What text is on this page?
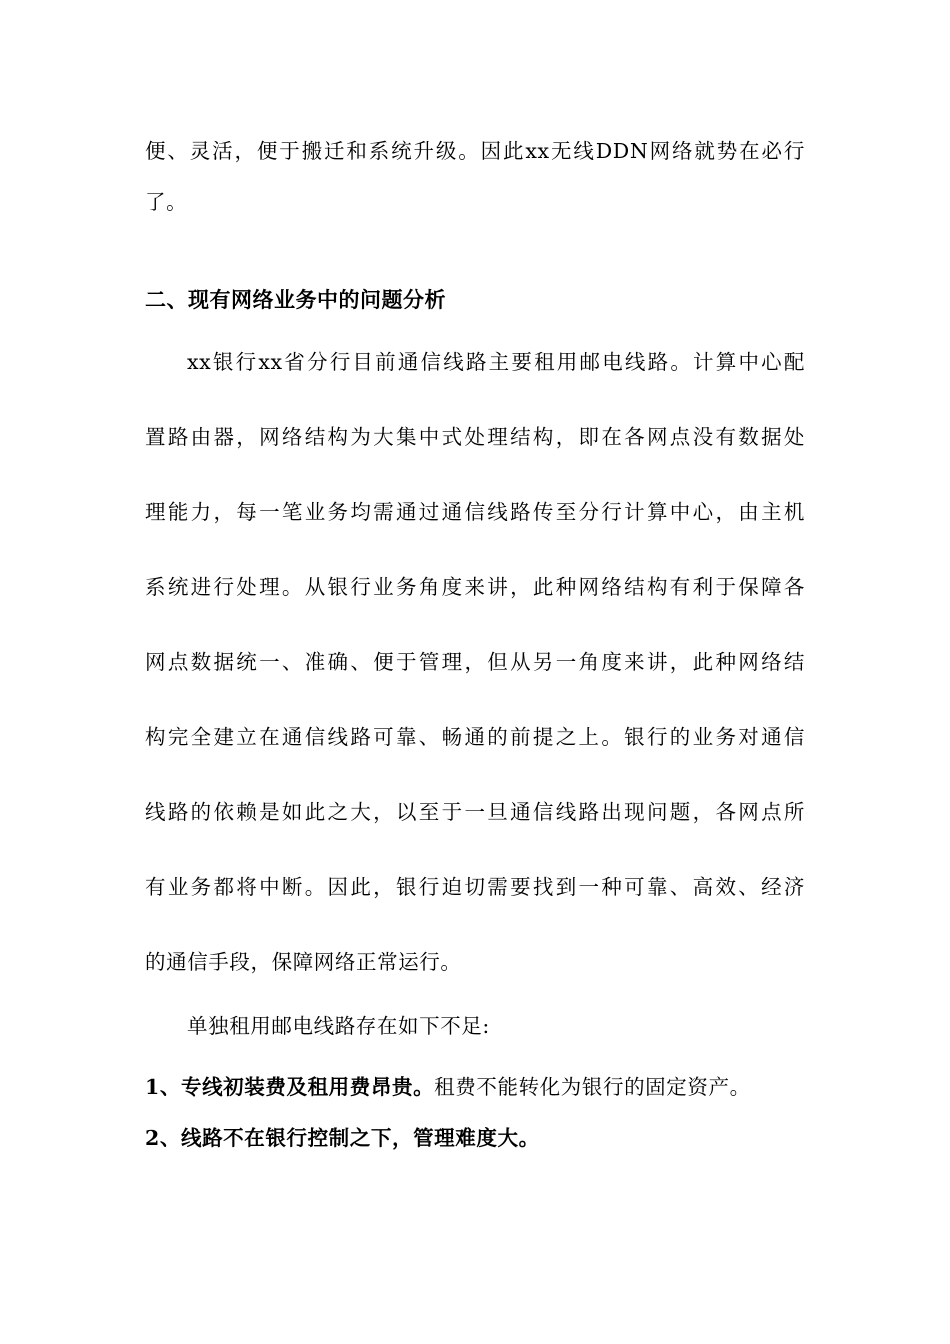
便、灵活，便于搬迁和系统升级。因此xx无线DDN网络就势在必行
了。
二、现有网络业务中的问题分析
xx银行xx省分行目前通信线路主要租用邮电线路。计算中心配
置路由器，网络结构为大集中式处理结构，即在各网点没有数据处
理能力，每一笔业务均需通过通信线路传至分行计算中心，由主机
系统进行处理。从银行业务角度来讲，此种网络结构有利于保障各
网点数据统一、准确、便于管理，但从另一角度来讲，此种网络结
构完全建立在通信线路可靠、畅通的前提之上。银行的业务对通信
线路的依赖是如此之大，以至于一旦通信线路出现问题，各网点所
有业务都将中断。因此，银行迫切需要找到一种可靠、高效、经济
的通信手段，保障网络正常运行。
单独租用邮电线路存在如下不足:
1、专线初装费及租用费昂贵。租费不能转化为银行的固定资产。
2、线路不在银行控制之下，管理难度大。
